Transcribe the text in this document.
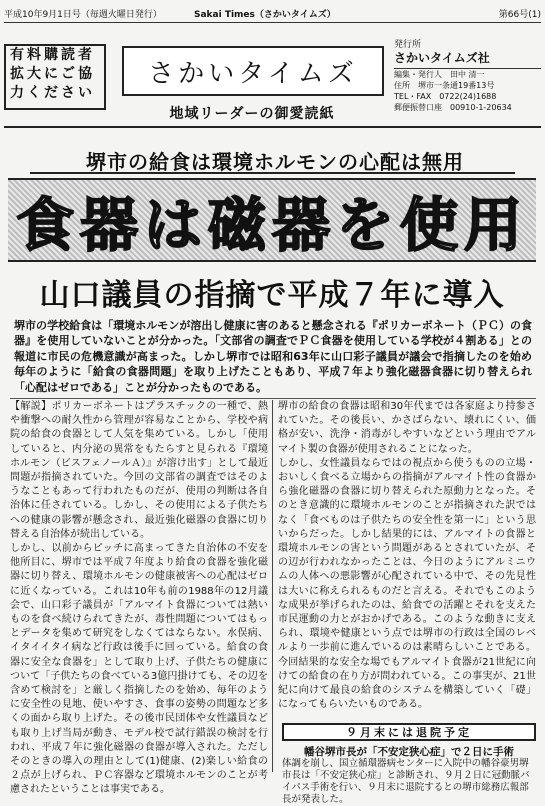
平成10年9月1日号（毎週火曜日発行）	Sakai Times（さかいタイムズ）	第66号(1)
有料購読者
拡大にご協
力ください
さかいタイムズ
地域リーダーの御愛読紙
発行所
さかいタイムズ社
編集・発行人　田中 清一
住所　堺市一条通19番13号
TEL・FAX　0722(24)1688
郵便振替口座　00910-1-20634
堺市の給食は環境ホルモンの心配は無用
食器は磁器を使用
山口議員の指摘で平成７年に導入
堺市の学校給食は「環境ホルモンが溶出し健康に害のあると懸念される『ポリカーボネート（ＰＣ）の食器』を使用していないことが分かった。「文部省の調査でＰＣ食器を使用している学校が４割ある」との報道に市民の危機意識が高まった。しかし堺市では昭和63年に山口彩子議員が議会で指摘したのを始め毎年のように「給食の食器問題」を取り上げたこともあり、平成７年より強化磁器食器に切り替えられ「心配はゼロである」ことが分かったものである。
【解説】ポリカーボネートはプラスチックの一種で、熱や衝撃への耐久性から管理が容易なことから、学校や病院の給食の食器として人気を集めている。しかし「使用していると、内分泌の異常をもたらすと見られる『環境ホルモン（ビスフェノールＡ）』が溶け出す」として最近問題が指摘されていた。今回の文部省の調査ではそのようなこともあって行われたものだが、使用の判断は各自治体に任されている。しかし、その使用による子供たちへの健康の影響が懸念され、最近強化磁器の食器に切り替える自治体が続出している。
しかし、以前からピッチに高まってきた自治体の不安を他所目に、堺市では平成７年度より給食の食器を強化磁器に切り替え、環境ホルモンの健康被害への心配はゼロに近くなっている。これは10年も前の1988年の12月議会で、山口彩子議員が「アルマイト食器については熱いものを食べ続けられてきたが、毒性問題についてはもっとデータを集めて研究をしなくてはならない。水俣病、イタイイタイ病など行政は後手に回っている。給食の食器に安全な食器を」として取り上げ、子供たちの健康について「子供たちの食べている3億円掛けても、その辺を含めて検討を」と厳しく指摘したのを始め、毎年のように安全性の見地、使いやすさ、食事の姿勢の問題など多くの面から取り上げた。その後市民団体や女性議員なども取り上げ当局が動き、モデル校で試行錯誤の検討を行われ、平成７年に強化磁器の食器が導入された。ただしそのときの導入の理由として(1)健康、(2)楽しい給食の２点が上げられ、ＰＣ容器など環境ホルモンのことが考慮されたということは事実である。
堺市の給食の食器は昭和30年代までは各家庭より持参されていた。その後長い、かさばらない、壊れにくい、価格が安い、洗浄・消毒がしやすいなどという理由でアルマイト製の食器が使用されることになった。
しかし、女性議員ならではの視点から使うものの立場・おいしく食べる立場からの指摘がアルマイト性の食器から強化磁器の食器に切り替えられた原動力となった。そのとき意識的に環境ホルモンのことが指摘された訳ではなく「食べものは子供たちの安全性を第一に」という思いからだった。しかし結果的には、アルマイトの食器と環境ホルモンの害という問題があるとされていたが、その辺が行われなかったことは、今日のようにアルミニウムの人体への悪影響が心配されている中で、その先見性は大いに称えられるものだと言える。それでもこのような成果が挙げられたのは、給食での活躍とそれを支えた市民運動の力とがおかげである。このような動きに支えられ、環境や健康という点では堺市の行政は全国のレベルより一歩前に進んでいるのは素晴らしいことである。今回結果的な安全な場でもアルマイト食器が21世紀に向けての給食の在り方が問われている。この事実が、21世紀に向けて最良の給食のシステムを構築していく「礎」になってもらいたいものである。
９月末には退院予定
幡谷堺市長が「不安定狭心症」で２日に手術
体調を崩し、国立循環器病センターに入院中の幡谷豪男堺市長は「不安定狭心症」と診断され、９月２日に冠動脈バイパス手術を行い、９月末に退院するとの堺市総務広報部長が発表した。
